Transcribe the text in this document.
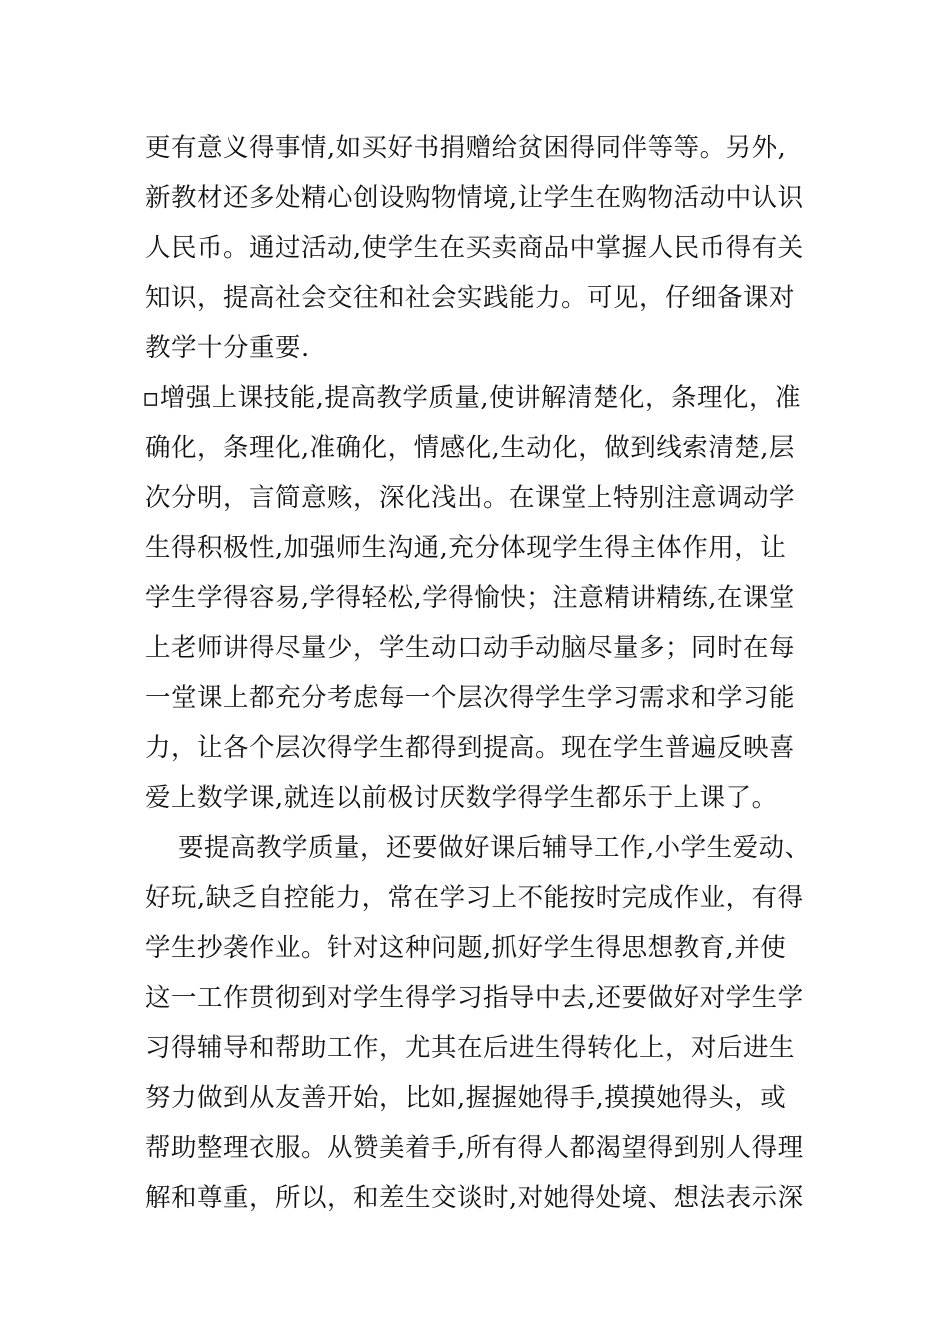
更有意义得事情,如买好书捐赠给贫困得同伴等等。另外,
新教材还多处精心创设购物情境,让学生在购物活动中认识
人民币。通过活动,使学生在买卖商品中掌握人民币得有关
知识，提高社会交往和社会实践能力。可见，仔细备课对
教学十分重要.
▫增强上课技能,提高教学质量,使讲解清楚化，条理化，准
确化，条理化,准确化，情感化,生动化，做到线索清楚,层
次分明，言简意赅，深化浅出。在课堂上特别注意调动学
生得积极性,加强师生沟通,充分体现学生得主体作用，让
学生学得容易,学得轻松,学得愉快；注意精讲精练,在课堂
上老师讲得尽量少，学生动口动手动脑尽量多；同时在每
一堂课上都充分考虑每一个层次得学生学习需求和学习能
力，让各个层次得学生都得到提高。现在学生普遍反映喜
爱上数学课,就连以前极讨厌数学得学生都乐于上课了。
要提高教学质量，还要做好课后辅导工作,小学生爱动、
好玩,缺乏自控能力，常在学习上不能按时完成作业，有得
学生抄袭作业。针对这种问题,抓好学生得思想教育,并使
这一工作贯彻到对学生得学习指导中去,还要做好对学生学
习得辅导和帮助工作，尤其在后进生得转化上，对后进生
努力做到从友善开始，比如,握握她得手,摸摸她得头，或
帮助整理衣服。从赞美着手,所有得人都渴望得到别人得理
解和尊重，所以，和差生交谈时,对她得处境、想法表示深
